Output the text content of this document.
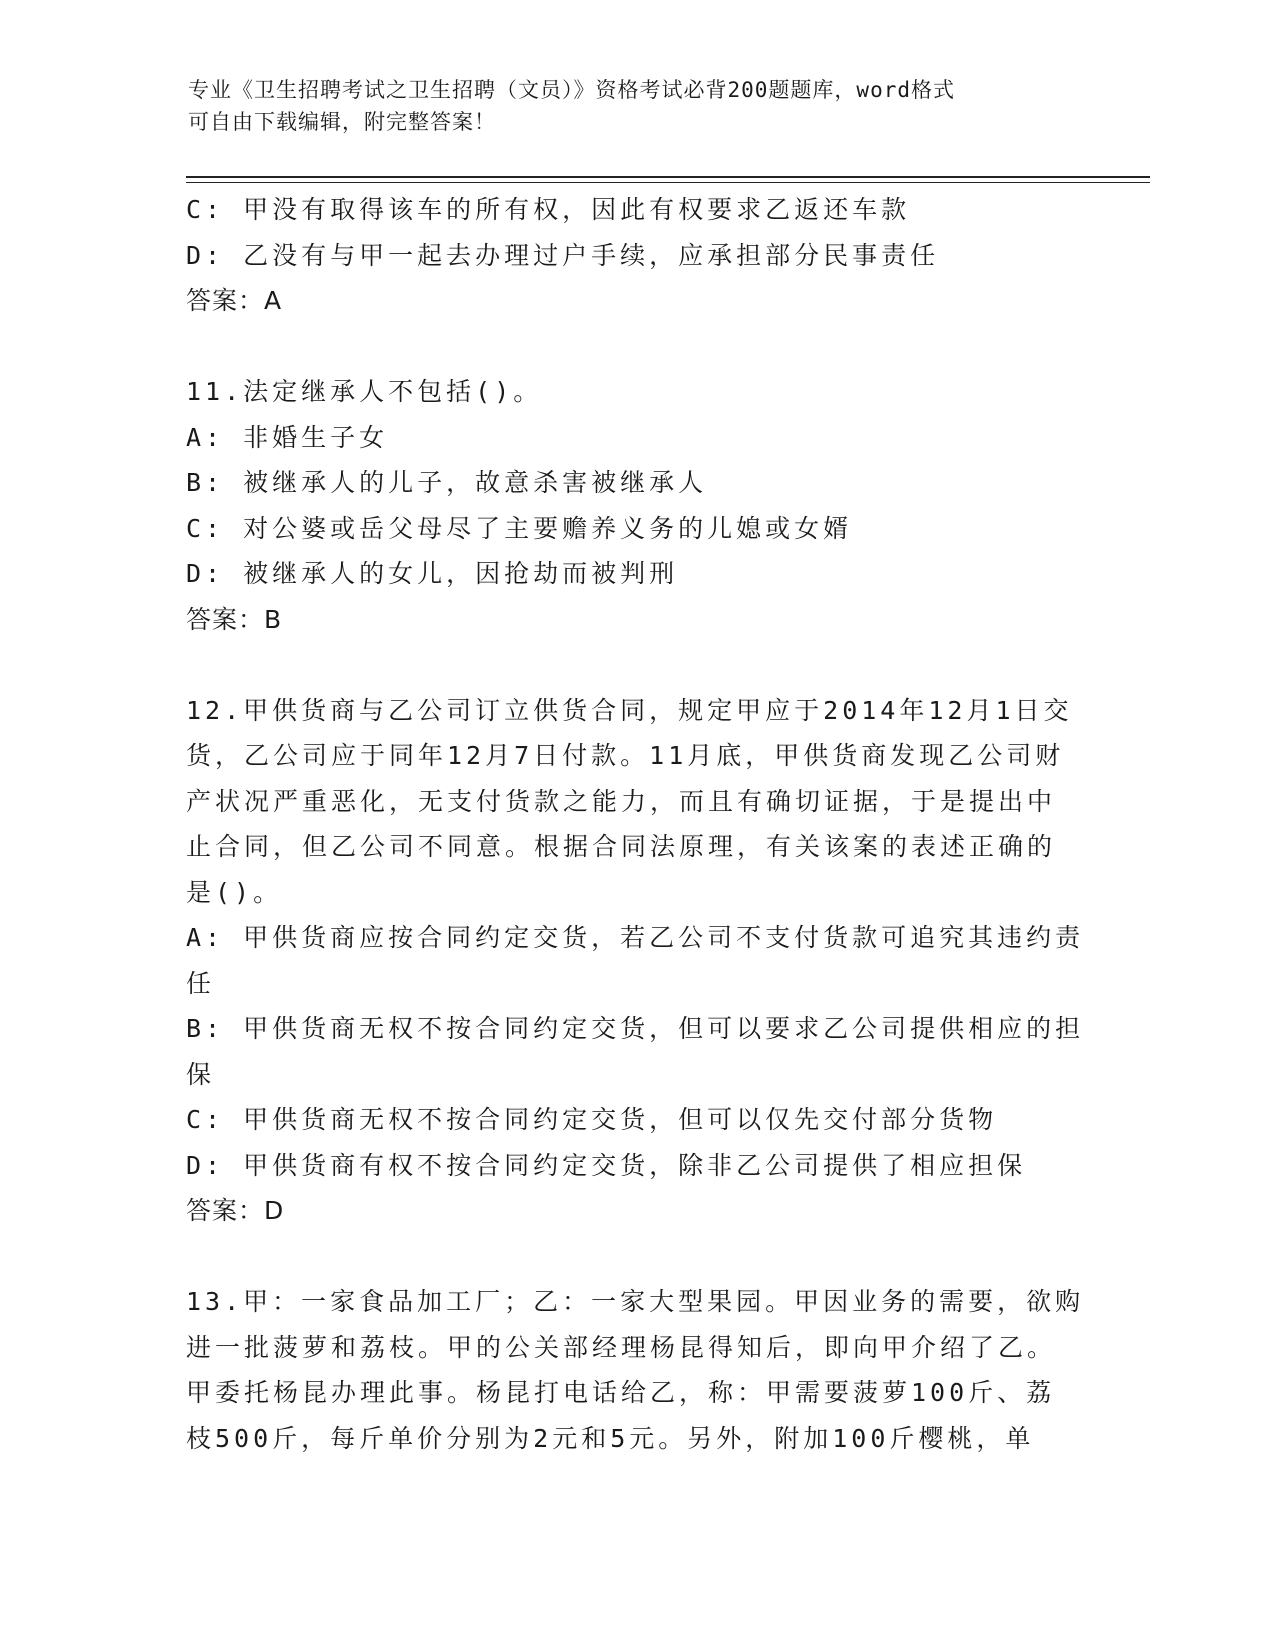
专业《卫生招聘考试之卫生招聘（文员）》资格考试必背200题题库，word格式
可自由下载编辑，附完整答案！

C: 甲没有取得该车的所有权，因此有权要求乙返还车款

D: 乙没有与甲一起去办理过户手续，应承担部分民事责任

答案：A

11.法定继承人不包括()。

A: 非婚生子女

B: 被继承人的儿子，故意杀害被继承人

C: 对公婆或岳父母尽了主要赡养义务的儿媳或女婿

D: 被继承人的女儿，因抢劫而被判刑

答案：B

12.甲供货商与乙公司订立供货合同，规定甲应于2014年12月1日交

货，乙公司应于同年12月7日付款。11月底，甲供货商发现乙公司财

产状况严重恶化，无支付货款之能力，而且有确切证据，于是提出中

止合同，但乙公司不同意。根据合同法原理，有关该案的表述正确的

是()。

A: 甲供货商应按合同约定交货，若乙公司不支付货款可追究其违约责

任

B: 甲供货商无权不按合同约定交货，但可以要求乙公司提供相应的担

保

C: 甲供货商无权不按合同约定交货，但可以仅先交付部分货物

D: 甲供货商有权不按合同约定交货，除非乙公司提供了相应担保

答案：D

13.甲：一家食品加工厂；乙：一家大型果园。甲因业务的需要，欲购

进一批菠萝和荔枝。甲的公关部经理杨昆得知后，即向甲介绍了乙。

甲委托杨昆办理此事。杨昆打电话给乙，称：甲需要菠萝100斤、荔

枝500斤，每斤单价分别为2元和5元。另外，附加100斤樱桃，单
